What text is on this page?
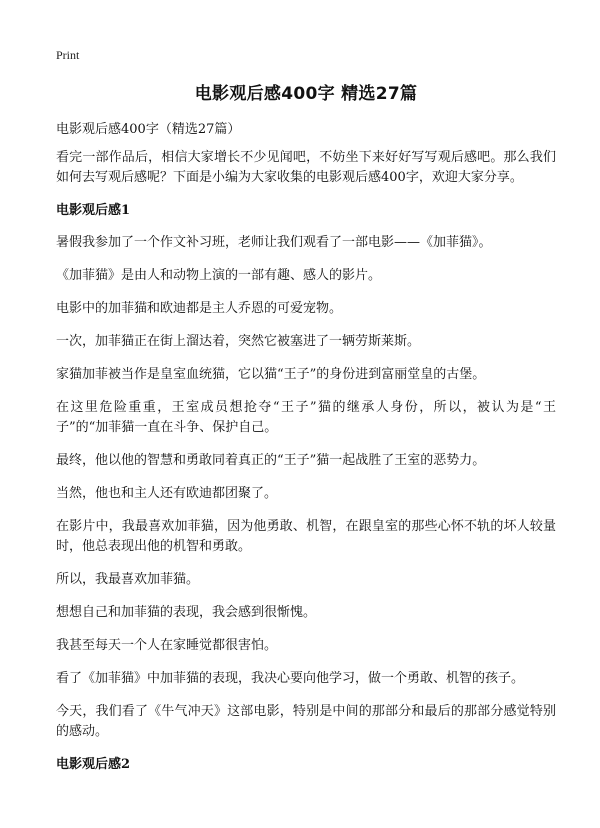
Print
电影观后感400字 精选27篇

电影观后感400字（精选27篇）

看完一部作品后，相信大家增长不少见闻吧，不妨坐下来好好写写观后感吧。那么我们如何去写观后感呢？下面是小编为大家收集的电影观后感400字，欢迎大家分享。

电影观后感1

暑假我参加了一个作文补习班，老师让我们观看了一部电影——《加菲猫》。

《加菲猫》是由人和动物上演的一部有趣、感人的影片。

电影中的加菲猫和欧迪都是主人乔恩的可爱宠物。

一次，加菲猫正在街上溜达着，突然它被塞进了一辆劳斯莱斯。

家猫加菲被当作是皇室血统猫，它以猫“王子”的身份进到富丽堂皇的古堡。

在这里危险重重，王室成员想抢夺“王子”猫的继承人身份，所以，被认为是“王子”的“加菲猫一直在斗争、保护自己。

最终，他以他的智慧和勇敢同着真正的“王子”猫一起战胜了王室的恶势力。

当然，他也和主人还有欧迪都团聚了。

在影片中，我最喜欢加菲猫，因为他勇敢、机智，在跟皇室的那些心怀不轨的坏人较量时，他总表现出他的机智和勇敢。

所以，我最喜欢加菲猫。

想想自己和加菲猫的表现，我会感到很惭愧。

我甚至每天一个人在家睡觉都很害怕。

看了《加菲猫》中加菲猫的表现，我决心要向他学习，做一个勇敢、机智的孩子。

今天，我们看了《牛气冲天》这部电影，特别是中间的那部分和最后的那部分感觉特别的感动。

电影观后感2
